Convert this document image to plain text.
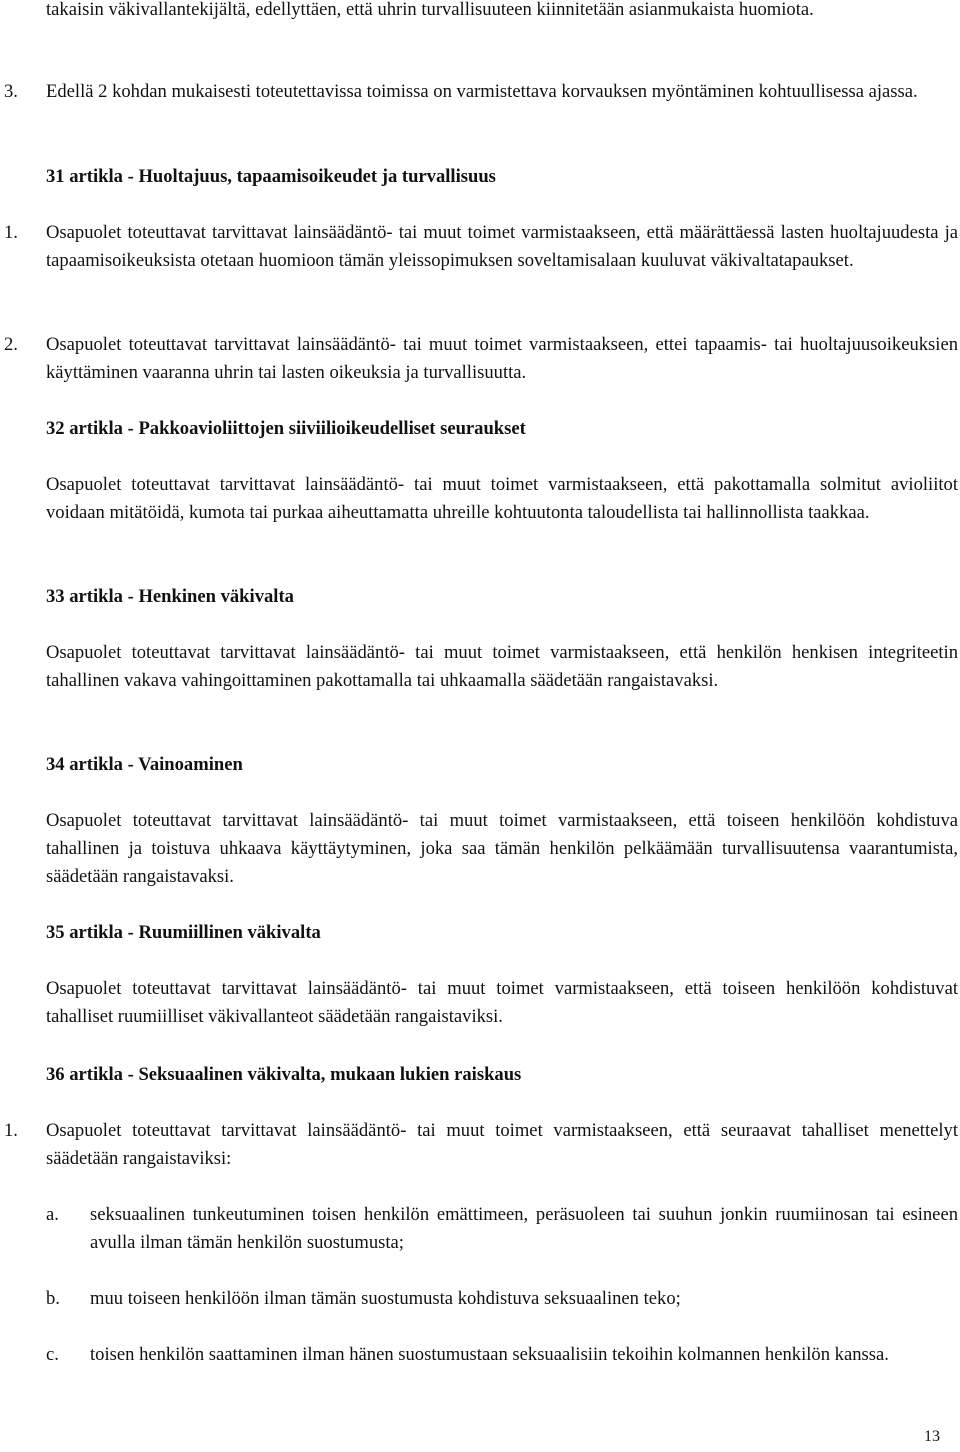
takaisin väkivallantekijältä, edellyttäen, että uhrin turvallisuuteen kiinnitetään asianmukaista huomiota.
3. Edellä 2 kohdan mukaisesti toteutettavissa toimissa on varmistettava korvauksen myöntäminen kohtuullisessa ajassa.
31 artikla - Huoltajuus, tapaamisoikeudet ja turvallisuus
1. Osapuolet toteuttavat tarvittavat lainsäädäntö- tai muut toimet varmistaakseen, että määrättäessä lasten huoltajuudesta ja tapaamisoikeuksista otetaan huomioon tämän yleissopimuksen soveltamisalaan kuuluvat väkivaltatapaukset.
2. Osapuolet toteuttavat tarvittavat lainsäädäntö- tai muut toimet varmistaakseen, ettei tapaamis- tai huoltajuusoikeuksien käyttäminen vaaranna uhrin tai lasten oikeuksia ja turvallisuutta.
32 artikla - Pakkoavioliittojen siiviilioikeudelliset seuraukset
Osapuolet toteuttavat tarvittavat lainsäädäntö- tai muut toimet varmistaakseen, että pakottamalla solmitut avioliitot voidaan mitätöidä, kumota tai purkaa aiheuttamatta uhreille kohtuutonta taloudellista tai hallinnollista taakkaa.
33 artikla - Henkinen väkivalta
Osapuolet toteuttavat tarvittavat lainsäädäntö- tai muut toimet varmistaakseen, että henkilön henkisen integriteetin tahallinen vakava vahingoittaminen pakottamalla tai uhkaamalla säädetään rangaistavaksi.
34 artikla - Vainoaminen
Osapuolet toteuttavat tarvittavat lainsäädäntö- tai muut toimet varmistaakseen, että toiseen henkilöön kohdistuva tahallinen ja toistuva uhkaava käyttäytyminen, joka saa tämän henkilön pelkäämään turvallisuutensa vaarantumista, säädetään rangaistavaksi.
35 artikla - Ruumiillinen väkivalta
Osapuolet toteuttavat tarvittavat lainsäädäntö- tai muut toimet varmistaakseen, että toiseen henkilöön kohdistuvat tahalliset ruumiilliset väkivallanteot säädetään rangaistaviksi.
36 artikla - Seksuaalinen väkivalta, mukaan lukien raiskaus
1. Osapuolet toteuttavat tarvittavat lainsäädäntö- tai muut toimet varmistaakseen, että seuraavat tahalliset menettelyt säädetään rangaistaviksi:
a. seksuaalinen tunkeutuminen toisen henkilön emättimeen, peräsuoleen tai suuhun jonkin ruumiinosan tai esineen avulla ilman tämän henkilön suostumusta;
b. muu toiseen henkilöön ilman tämän suostumusta kohdistuva seksuaalinen teko;
c. toisen henkilön saattaminen ilman hänen suostumustaan seksuaalisiin tekoihin kolmannen henkilön kanssa.
13
